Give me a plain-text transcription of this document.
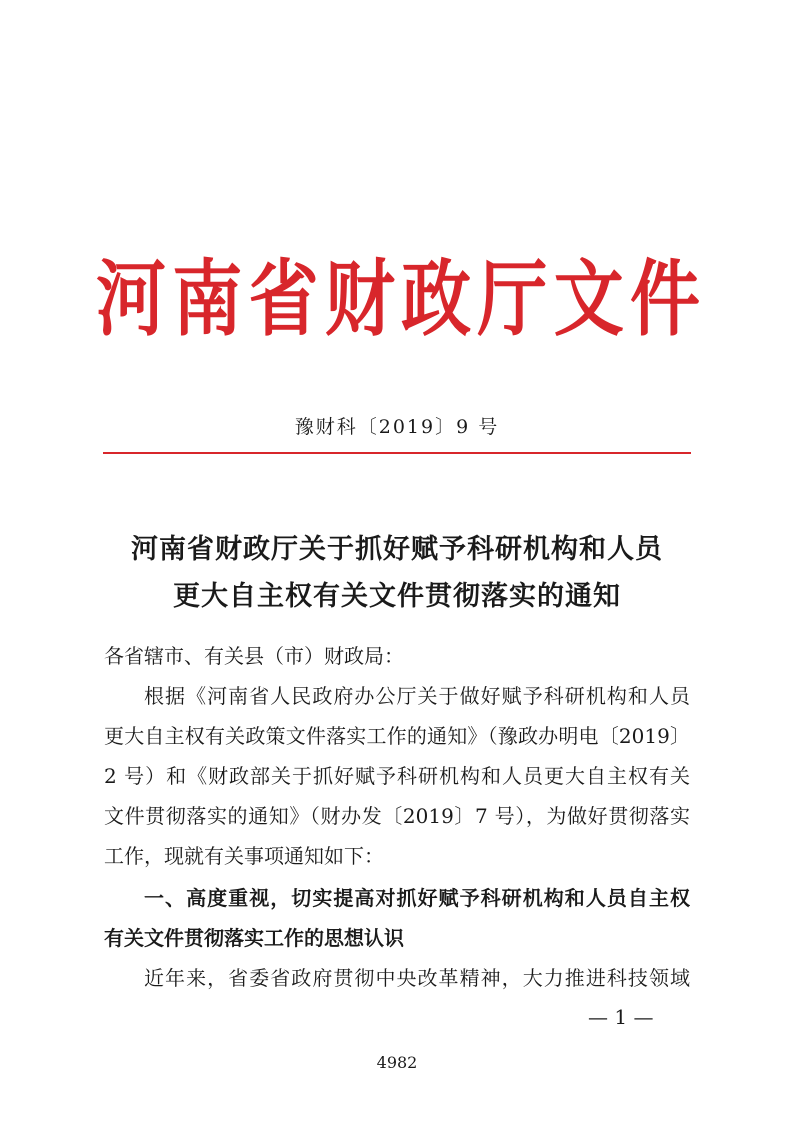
河 南 省 财 政 厅 文 件
豫财科〔2019〕9 号
河南省财政厅关于抓好赋予科研机构和人员
更大自主权有关文件贯彻落实的通知
各省辖市、有关县（市）财政局：
根据《河南省人民政府办公厅关于做好赋予科研机构和人员
更大自主权有关政策文件落实工作的通知》（豫政办明电〔2019〕
2 号）和《财政部关于抓好赋予科研机构和人员更大自主权有关
文件贯彻落实的通知》（财办发〔2019〕7 号），为做好贯彻落实
工作，现就有关事项通知如下：
一、高度重视，切实提高对抓好赋予科研机构和人员自主权
有关文件贯彻落实工作的思想认识
近年来，省委省政府贯彻中央改革精神，大力推进科技领域
— 1 —
4982
